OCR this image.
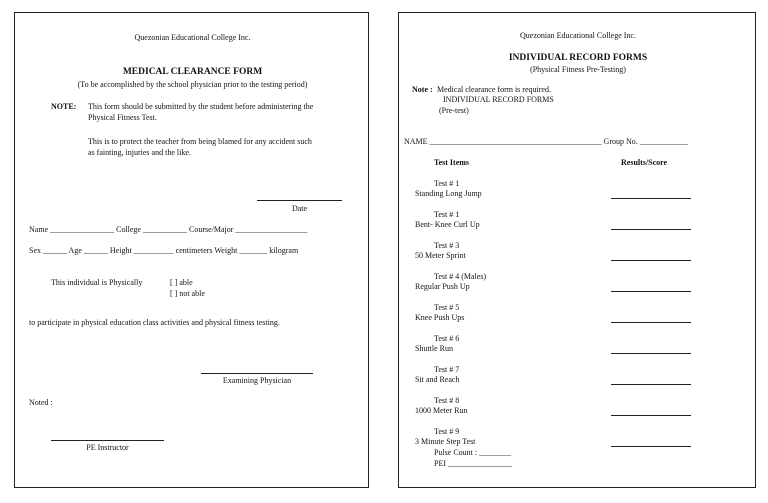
Quezonian Educational College Inc.
MEDICAL CLEARANCE FORM
(To be accomplished by the school physician prior to the testing period)
NOTE: This form should be submitted by the student before administering the
Physical Fitness Test.
This is to protect the teacher from being blamed for any accident such
as fainting, injuries and the like.
Date
Name ________________ College ___________ Course/Major __________________
Sex ______ Age ______ Height __________ centimeters Weight _______ kilogram
This individual is Physically	[ ] able
[ ] not able
to participate in physical education class activities and physical fitness testing.
Examining Physician
Noted :
PE Instructor
Quezonian Educational College Inc.
INDIVIDUAL RECORD FORMS
(Physical Fitness Pre-Testing)
Note : Medical clearance form is required.
INDIVIDUAL RECORD FORMS
(Pre-test)
NAME ___________________________________________ Group No. ____________
Test Items	Results/Score
Test # 1
Standing Long Jump
Test # 1
Bent- Knee Curl Up
Test # 3
50 Meter Sprint
Test # 4 (Males)
Regular Push Up
Test # 5
Knee Push Ups
Test # 6
Shuttle Run
Test # 7
Sit and Reach
Test # 8
1000 Meter Run
Test # 9
3 Minute Step Test
Pulse Count : ________
PEI ________________
